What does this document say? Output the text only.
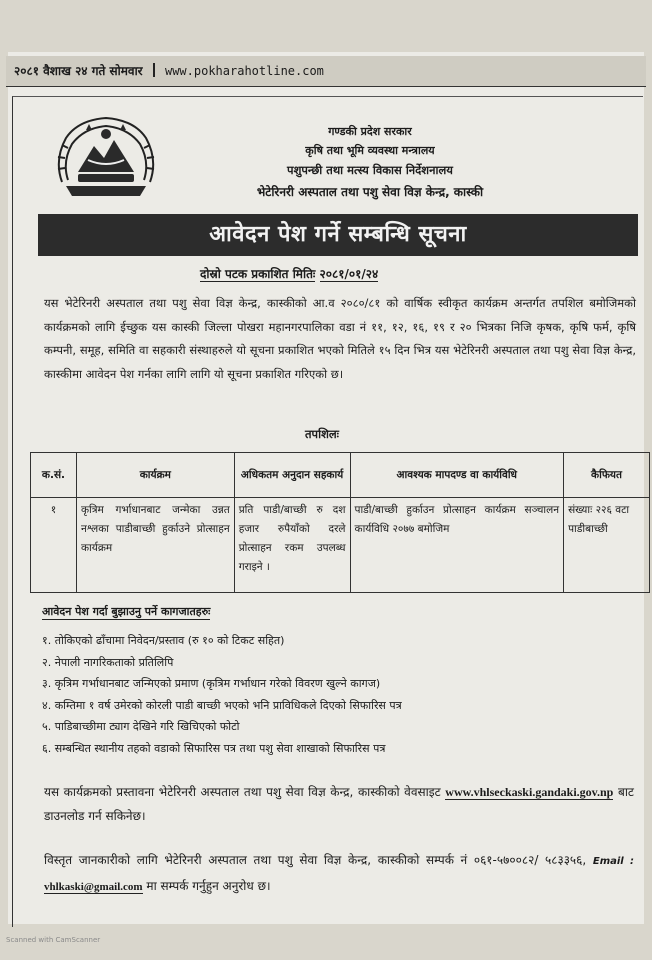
२०८१ वैशाख २४ गते सोमवार www.pokharahotline.com
गण्डकी प्रदेश सरकार
कृषि तथा भूमि व्यवस्था मन्त्रालय
पशुपन्छी तथा मत्स्य विकास निर्देशनालय
भेटेरिनरी अस्पताल तथा पशु सेवा विज्ञ केन्द्र, कास्की
आवेदन पेश गर्ने सम्बन्धि सूचना
दोस्रो पटक प्रकाशित मितिः २०८१/०१/२४
यस भेटेरिनरी अस्पताल तथा पशु सेवा विज्ञ केन्द्र, कास्कीको आ.व २०८०/८१ को वार्षिक स्वीकृत कार्यक्रम अन्तर्गत तपशिल बमोजिमको कार्यक्रमको लागि ईच्छुक यस कास्की जिल्ला पोखरा महानगरपालिका वडा नं ११, १२, १६, १९ र २० भित्रका निजि कृषक, कृषि फर्म, कृषि कम्पनी, समूह, समिति वा सहकारी संस्थाहरुले यो सूचना प्रकाशित भएको मितिले १५ दिन भित्र यस भेटेरिनरी अस्पताल तथा पशु सेवा विज्ञ केन्द्र, कास्कीमा आवेदन पेश गर्नका लागि लागि यो सूचना प्रकाशित गरिएको छ।
तपशिलः
क.सं.	कार्यक्रम	अधिकतम अनुदान सहकार्य	आवश्यक मापदण्ड वा कार्यविधि	कैफियत
१	कृत्रिम गर्भाधानबाट जन्मेका उन्नत नश्लका पाडीबाच्छी हुर्काउने प्रोत्साहन कार्यक्रम	प्रति पाडी/बाच्छी रु दश हजार रुपैयाँको दरले प्रोत्साहन रकम उपलब्ध गराइने ।	पाडी/बाच्छी हुर्काउन प्रोत्साहन कार्यक्रम सञ्चालन कार्यविधि २०७७ बमोजिम	संख्याः २२६ वटा पाडीबाच्छी
आवेदन पेश गर्दा बुझाउनु पर्ने कागजातहरुः
१. तोकिएको ढाँचामा निवेदन/प्रस्ताव (रु १० को टिकट सहित)
२. नेपाली नागरिकताको प्रतिलिपि
३. कृत्रिम गर्भाधानबाट जन्मिएको प्रमाण (कृत्रिम गर्भाधान गरेको विवरण खुल्ने कागज)
४. कम्तिमा १ वर्ष उमेरको कोरली पाडी बाच्छी भएको भनि प्राविधिकले दिएको सिफारिस पत्र
५. पाडिबाच्छीमा ट्याग देखिने गरि खिचिएको फोटो
६. सम्बन्धित स्थानीय तहको वडाको सिफारिस पत्र तथा पशु सेवा शाखाको सिफारिस पत्र
यस कार्यक्रमको प्रस्तावना भेटेरिनरी अस्पताल तथा पशु सेवा विज्ञ केन्द्र, कास्कीको वेवसाइट www.vhlseckaski.gandaki.gov.np बाट डाउनलोड गर्न सकिनेछ।
विस्तृत जानकारीको लागि भेटेरिनरी अस्पताल तथा पशु सेवा विज्ञ केन्द्र, कास्कीको सम्पर्क नं ०६१-५७००८२/ ५८३३५६, Email : vhlkaski@gmail.com मा सम्पर्क गर्नुहुन अनुरोध छ।
Scanned with CamScanner
